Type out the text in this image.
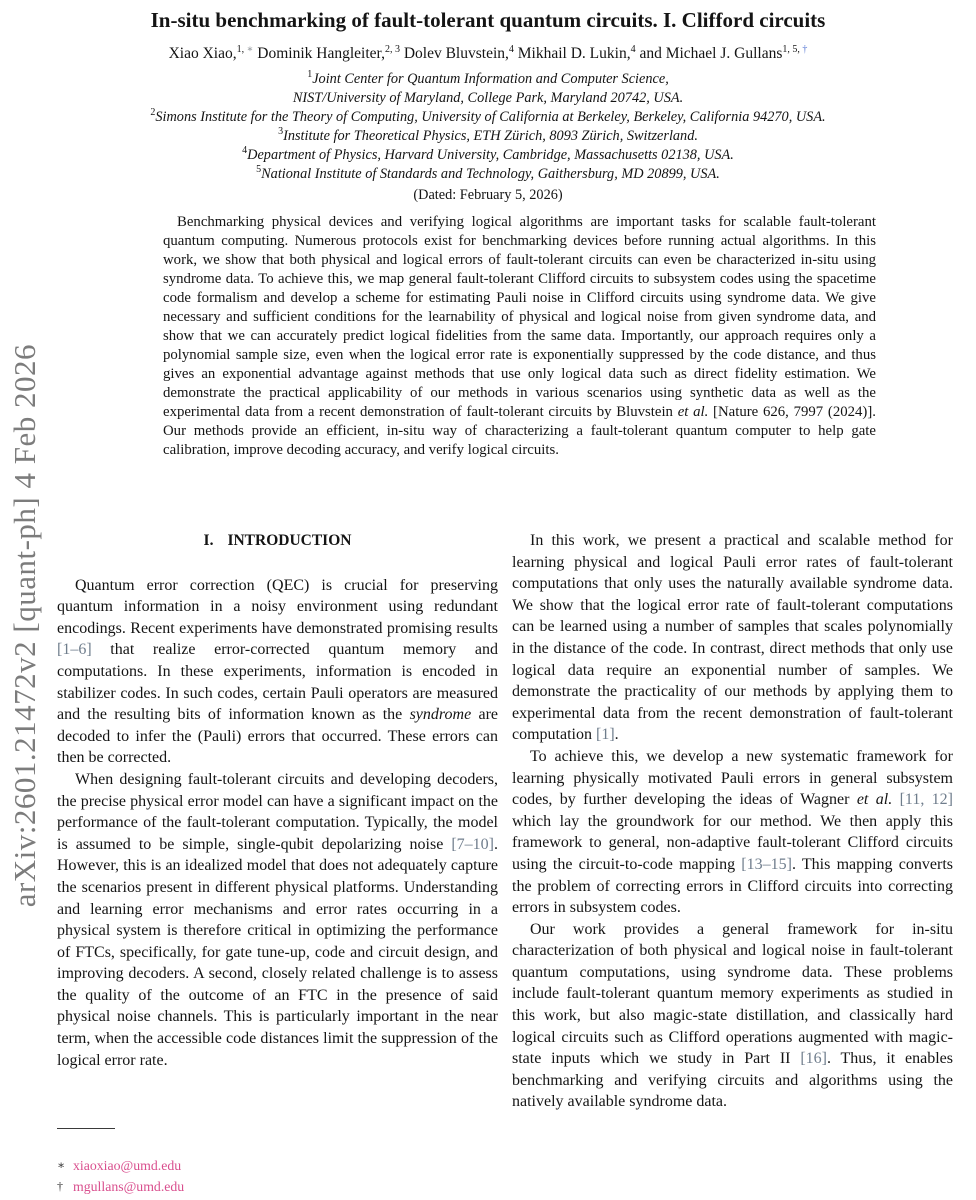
arXiv:2601.21472v2 [quant-ph] 4 Feb 2026
In-situ benchmarking of fault-tolerant quantum circuits. I. Clifford circuits
Xiao Xiao,$^{1, ∗}$ Dominik Hangleiter,$^{2, 3}$ Dolev Bluvstein,$^4$ Mikhail D. Lukin,$^4$ and Michael J. Gullans$^{1, 5, \dagger}$
$^1$Joint Center for Quantum Information and Computer Science,
NIST/University of Maryland, College Park, Maryland 20742, USA.
$^2$Simons Institute for the Theory of Computing, University of California at Berkeley, Berkeley, California 94270, USA.
$^3$Institute for Theoretical Physics, ETH Zürich, 8093 Zürich, Switzerland.
$^4$Department of Physics, Harvard University, Cambridge, Massachusetts 02138, USA.
$^5$National Institute of Standards and Technology, Gaithersburg, MD 20899, USA.
(Dated: February 5, 2026)
Benchmarking physical devices and verifying logical algorithms are important tasks for scalable fault-tolerant quantum computing. Numerous protocols exist for benchmarking devices before running actual algorithms. In this work, we show that both physical and logical errors of fault-tolerant circuits can even be characterized in-situ using syndrome data. To achieve this, we map general fault-tolerant Clifford circuits to subsystem codes using the spacetime code formalism and develop a scheme for estimating Pauli noise in Clifford circuits using syndrome data. We give necessary and sufficient conditions for the learnability of physical and logical noise from given syndrome data, and show that we can accurately predict logical fidelities from the same data. Importantly, our approach requires only a polynomial sample size, even when the logical error rate is exponentially suppressed by the code distance, and thus gives an exponential advantage against methods that use only logical data such as direct fidelity estimation. We demonstrate the practical applicability of our methods in various scenarios using synthetic data as well as the experimental data from a recent demonstration of fault-tolerant circuits by Bluvstein et al. [Nature 626, 7997 (2024)]. Our methods provide an efficient, in-situ way of characterizing a fault-tolerant quantum computer to help gate calibration, improve decoding accuracy, and verify logical circuits.
I. INTRODUCTION

Quantum error correction (QEC) is crucial for preserving quantum information in a noisy environment using redundant encodings. Recent experiments have demonstrated promising results [1–6] that realize error-corrected quantum memory and computations. In these experiments, information is encoded in stabilizer codes. In such codes, certain Pauli operators are measured and the resulting bits of information known as the syndrome are decoded to infer the (Pauli) errors that occurred. These errors can then be corrected.

When designing fault-tolerant circuits and developing decoders, the precise physical error model can have a significant impact on the performance of the fault-tolerant computation. Typically, the model is assumed to be simple, single-qubit depolarizing noise [7–10]. However, this is an idealized model that does not adequately capture the scenarios present in different physical platforms. Understanding and learning error mechanisms and error rates occurring in a physical system is therefore critical in optimizing the performance of FTCs, specifically, for gate tune-up, code and circuit design, and improving decoders. A second, closely related challenge is to assess the quality of the outcome of an FTC in the presence of said physical noise channels. This is particularly important in the near term, when the accessible code distances limit the suppression of the logical error rate.

In this work, we present a practical and scalable method for learning physical and logical Pauli error rates of fault-tolerant computations that only uses the naturally available syndrome data. We show that the logical error rate of fault-tolerant computations can be learned using a number of samples that scales polynomially in the distance of the code. In contrast, direct methods that only use logical data require an exponential number of samples. We demonstrate the practicality of our methods by applying them to experimental data from the recent demonstration of fault-tolerant computation [1].

To achieve this, we develop a new systematic framework for learning physically motivated Pauli errors in general subsystem codes, by further developing the ideas of Wagner et al. [11, 12] which lay the groundwork for our method. We then apply this framework to general, non-adaptive fault-tolerant Clifford circuits using the circuit-to-code mapping [13–15]. This mapping converts the problem of correcting errors in Clifford circuits into correcting errors in subsystem codes.

Our work provides a general framework for in-situ characterization of both physical and logical noise in fault-tolerant quantum computations, using syndrome data. These problems include fault-tolerant quantum memory experiments as studied in this work, but also magic-state distillation, and classically hard logical circuits such as Clifford operations augmented with magic-state inputs which we study in Part II [16]. Thus, it enables benchmarking and verifying circuits and algorithms using the natively available syndrome data.

∗ xiaoxiao@umd.edu
† mgullans@umd.edu
